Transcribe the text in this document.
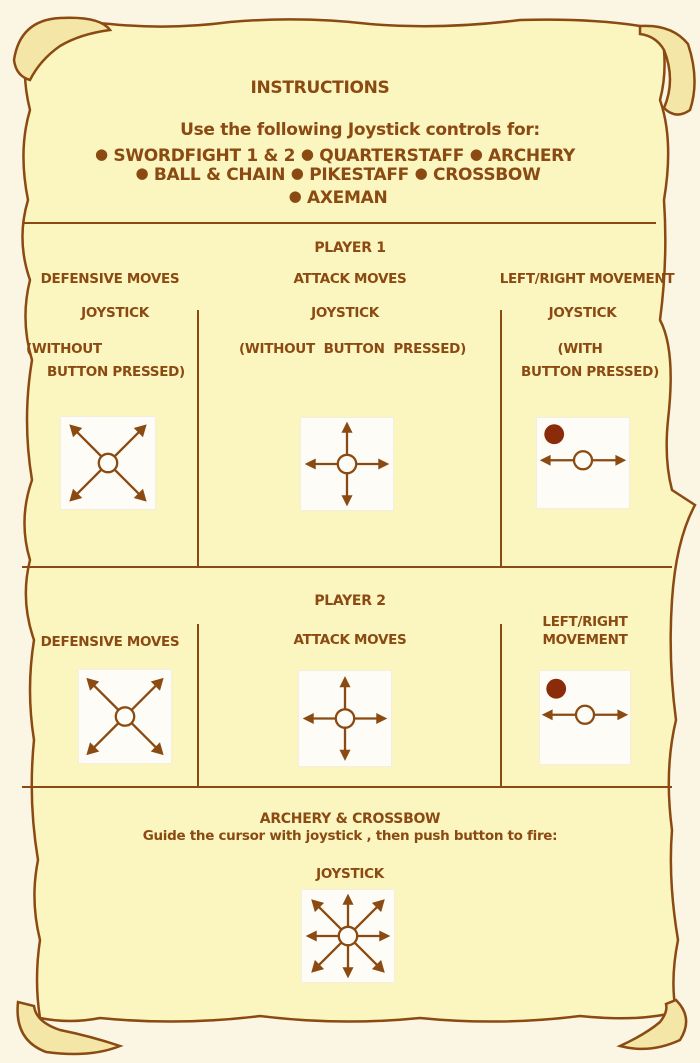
INSTRUCTIONS

Use the following Joystick controls for:

● SWORDFIGHT 1 & 2 ● QUARTERSTAFF ● ARCHERY

● BALL & CHAIN ● PIKESTAFF ● CROSSBOW

● AXEMAN

PLAYER 1

DEFENSIVE MOVES

JOYSTICK

(WITHOUT

BUTTON PRESSED)

ATTACK MOVES

JOYSTICK

(WITHOUT  BUTTON  PRESSED)

LEFT/RIGHT MOVEMENT

JOYSTICK

(WITH

BUTTON PRESSED)

PLAYER 2

DEFENSIVE MOVES	ATTACK MOVES

LEFT/RIGHT

MOVEMENT

ARCHERY & CROSSBOW

Guide the cursor with joystick , then push button to fire:

JOYSTICK
